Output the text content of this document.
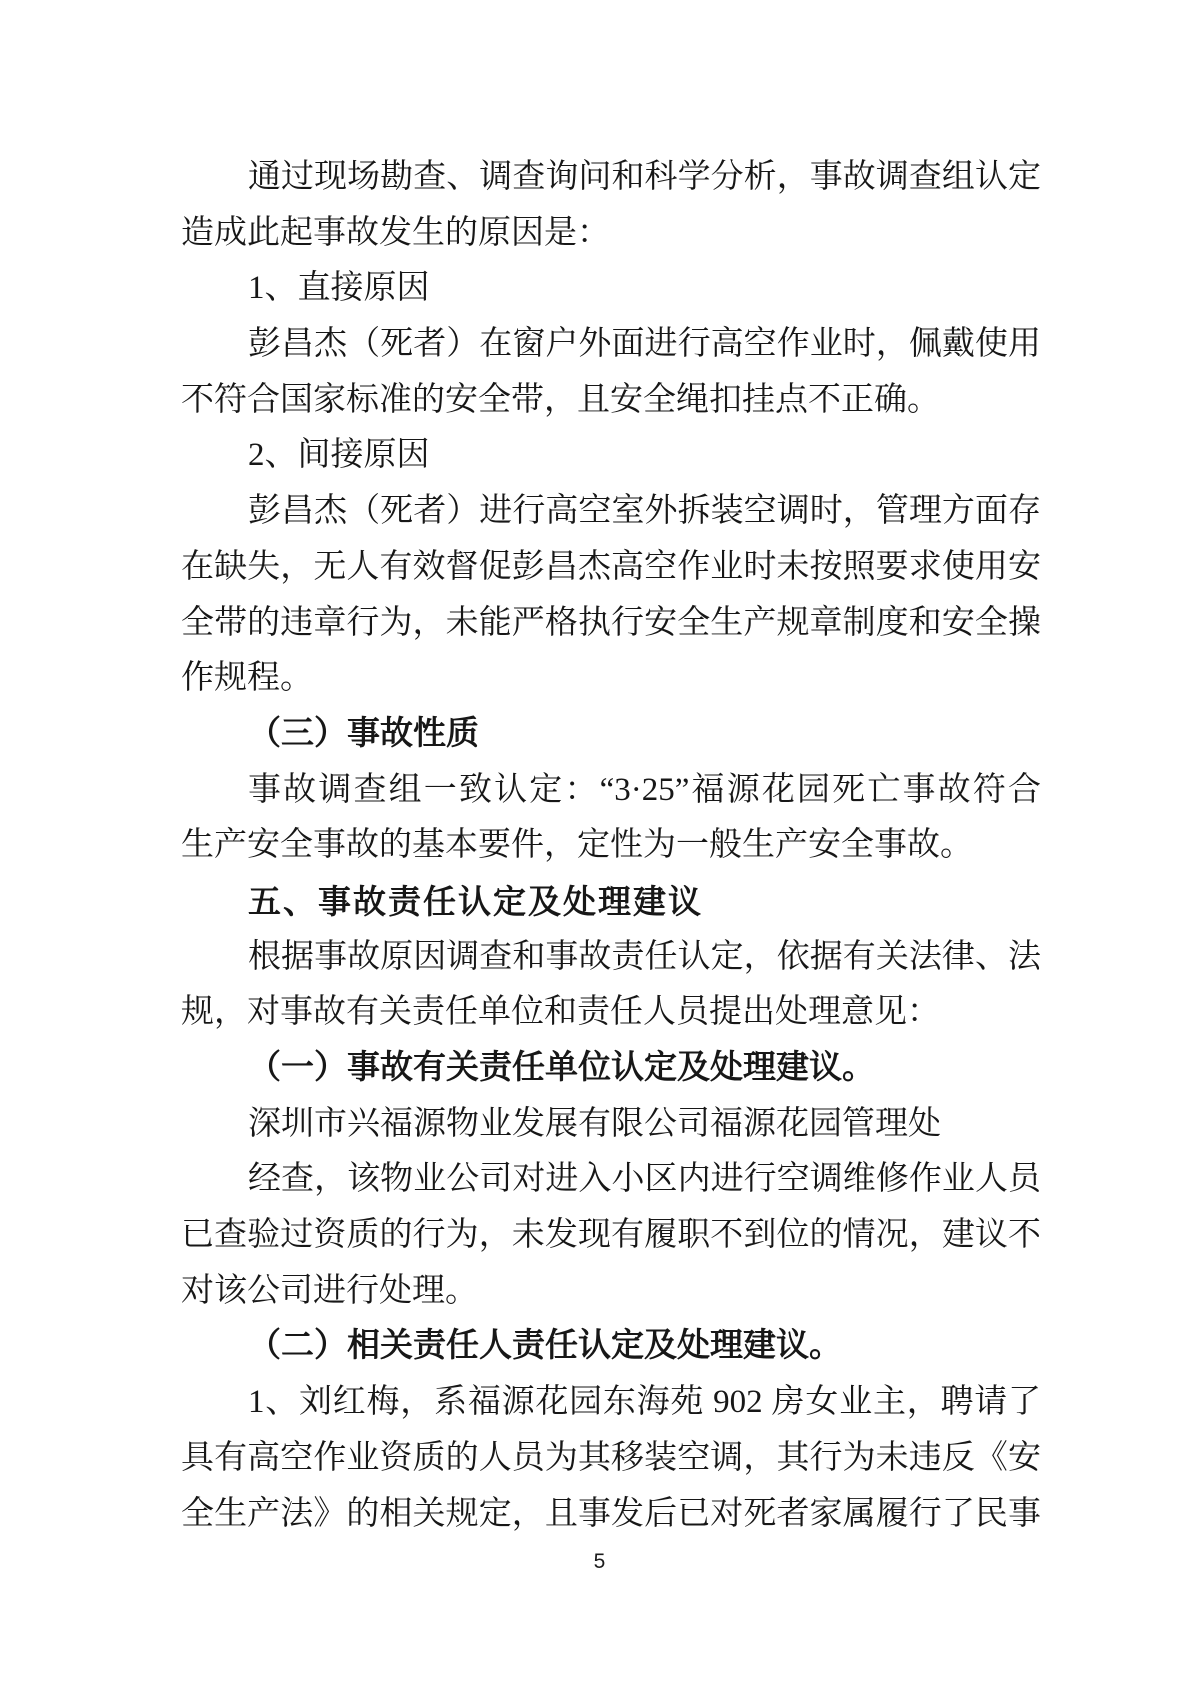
通过现场勘查、调查询问和科学分析，事故调查组认定
造成此起事故发生的原因是：
1、直接原因
彭昌杰（死者）在窗户外面进行高空作业时，佩戴使用
不符合国家标准的安全带，且安全绳扣挂点不正确。
2、间接原因
彭昌杰（死者）进行高空室外拆装空调时，管理方面存
在缺失，无人有效督促彭昌杰高空作业时未按照要求使用安
全带的违章行为，未能严格执行安全生产规章制度和安全操
作规程。
（三）事故性质
事故调查组一致认定：“3·25”福源花园死亡事故符合
生产安全事故的基本要件，定性为一般生产安全事故。
五、事故责任认定及处理建议
根据事故原因调查和事故责任认定，依据有关法律、法
规，对事故有关责任单位和责任人员提出处理意见：
（一）事故有关责任单位认定及处理建议。
深圳市兴福源物业发展有限公司福源花园管理处
经查，该物业公司对进入小区内进行空调维修作业人员
已查验过资质的行为，未发现有履职不到位的情况，建议不
对该公司进行处理。
（二）相关责任人责任认定及处理建议。
1、刘红梅，系福源花园东海苑 902 房女业主，聘请了
具有高空作业资质的人员为其移装空调，其行为未违反《安
全生产法》的相关规定，且事发后已对死者家属履行了民事
5
